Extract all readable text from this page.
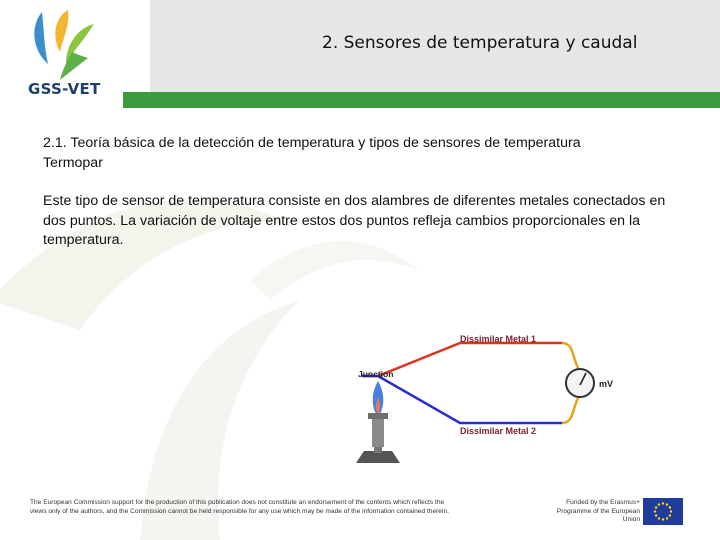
2. Sensores de temperatura y caudal
GSS-VET

2.1. Teoría básica de la detección de temperatura y tipos de sensores de temperatura

Termopar

Este tipo de sensor de temperatura consiste en dos alambres de diferentes metales conectados en dos puntos. La variación de voltaje entre estos dos puntos refleja cambios proporcionales en la temperatura.

mV
Dissimilar Metal 1
Dissimilar Metal 2
Junction
The European Commission support for the production of this publication does not constitute an endorsement of the contents which reflects the views only of the authors, and the Commission cannot be held responsible for any use which may be made of the information contained therein.
Funded by the Erasmus+ Programme of the European Union
